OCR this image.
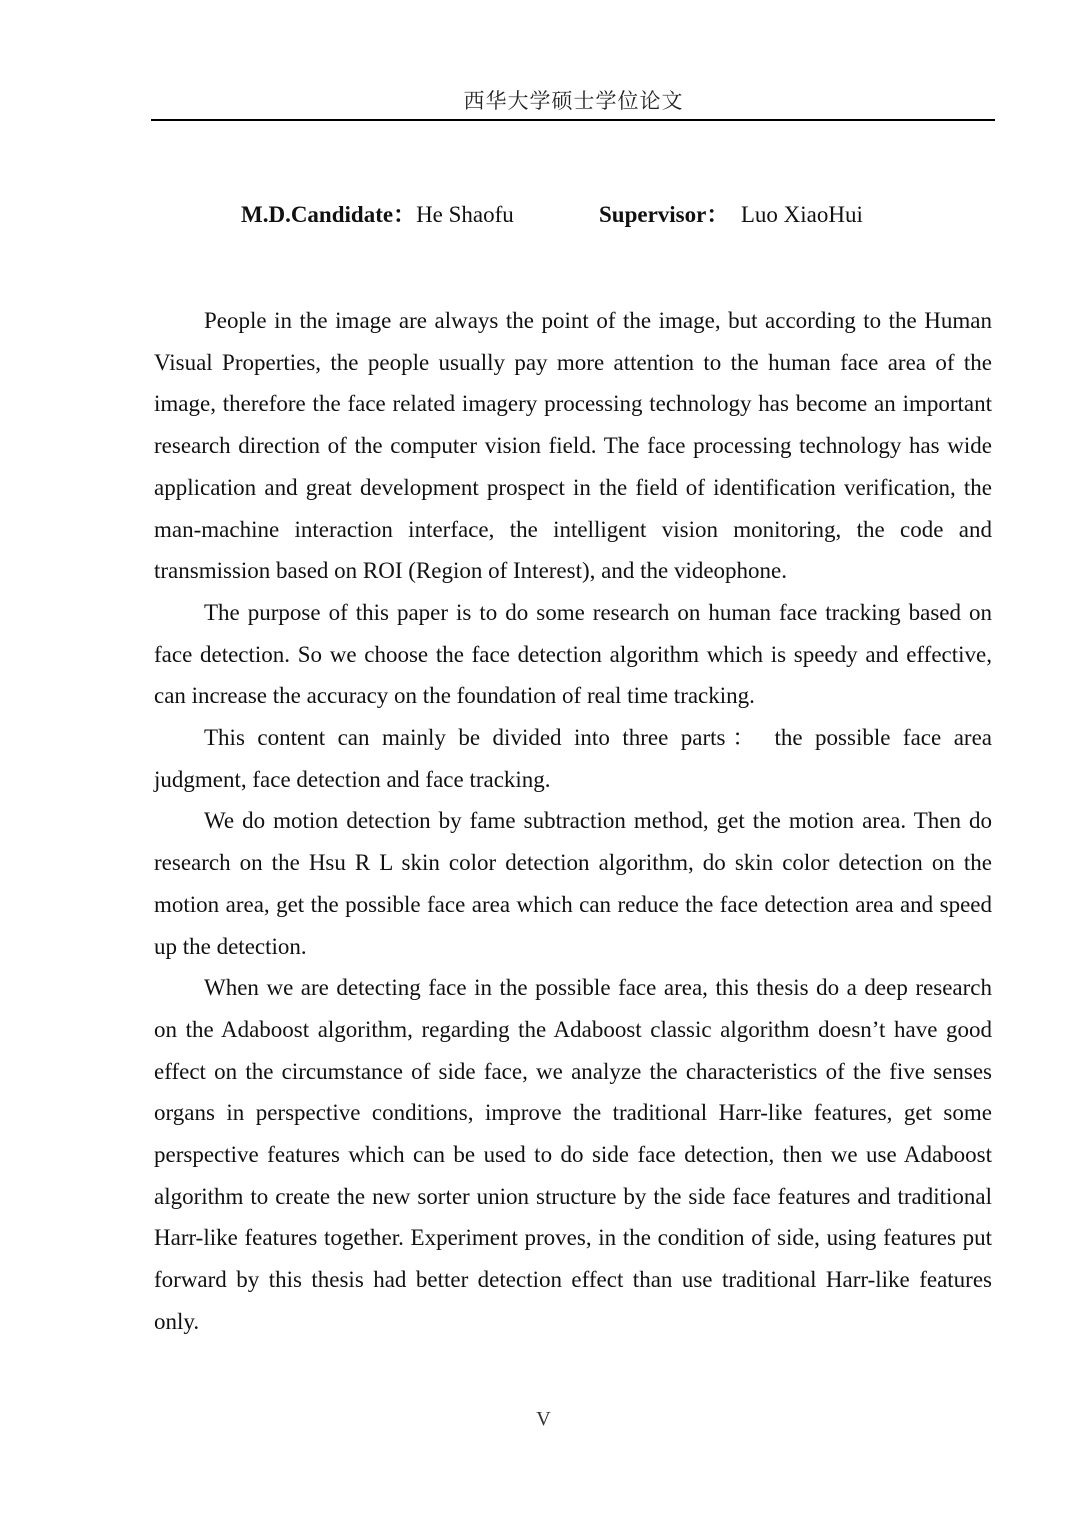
西华大学硕士学位论文
M.D.Candidate：He Shaofu	Supervisor： Luo XiaoHui

People in the image are always the point of the image, but according to the Human Visual Properties, the people usually pay more attention to the human face area of the image, therefore the face related imagery processing technology has become an important research direction of the computer vision field. The face processing technology has wide application and great development prospect in the field of identification verification, the man-machine interaction interface, the intelligent vision monitoring, the code and transmission based on ROI (Region of Interest), and the videophone.

The purpose of this paper is to do some research on human face tracking based on face detection. So we choose the face detection algorithm which is speedy and effective, can increase the accuracy on the foundation of real time tracking.

This content can mainly be divided into three parts： the possible face area judgment, face detection and face tracking.

We do motion detection by fame subtraction method, get the motion area. Then do research on the Hsu R L skin color detection algorithm, do skin color detection on the motion area, get the possible face area which can reduce the face detection area and speed up the detection.

When we are detecting face in the possible face area, this thesis do a deep research on the Adaboost algorithm, regarding the Adaboost classic algorithm doesn’t have good effect on the circumstance of side face, we analyze the characteristics of the five senses organs in perspective conditions, improve the traditional Harr-like features, get some perspective features which can be used to do side face detection, then we use Adaboost algorithm to create the new sorter union structure by the side face features and traditional Harr-like features together. Experiment proves, in the condition of side, using features put forward by this thesis had better detection effect than use traditional Harr-like features only.

V
